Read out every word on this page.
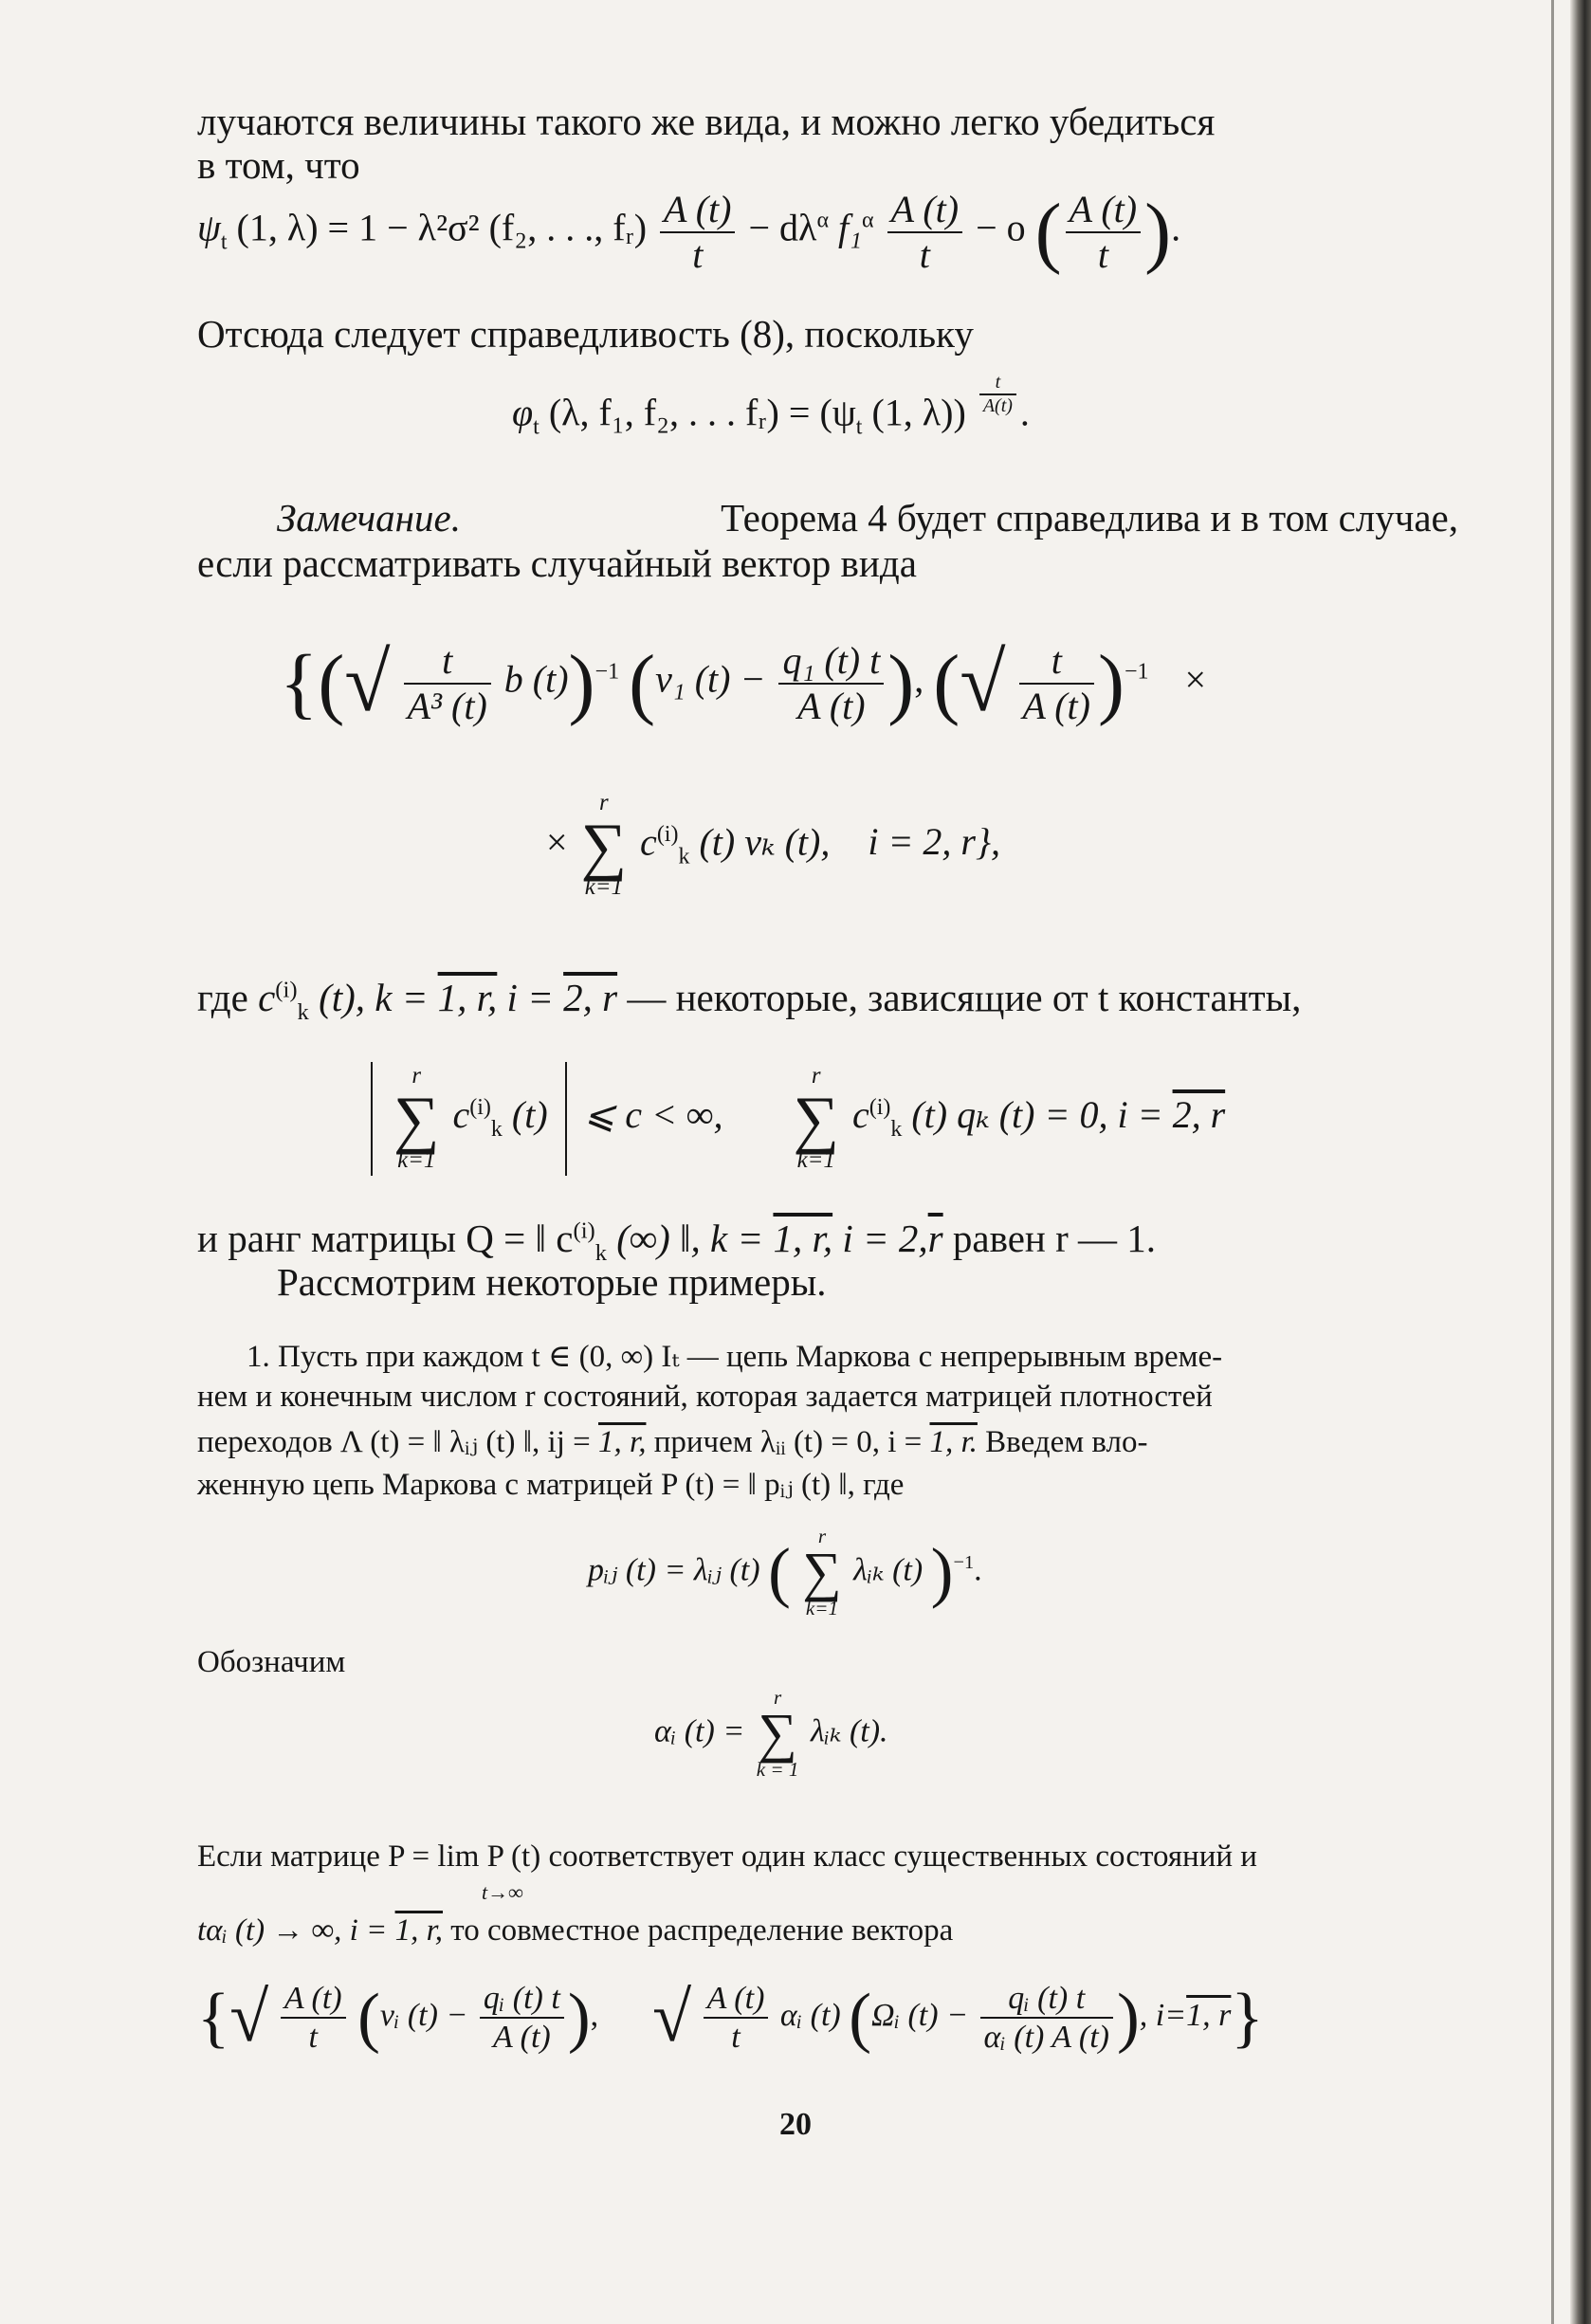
лучаются величины такого же вида, и можно легко убедиться
в том, что
$\psi_t$ (1, λ) = 1 − λ²σ² (f₂, . . ., fᵣ) $\frac{A (t)}{t} - d\lambda^\alpha$ $f_1^\alpha \frac{A (t)}{t} - o$ ( $\frac{A (t)}{t}$ ).
Отсюда следует справедливость (8), поскольку
$\varphi_t$ (λ, f₁, f₂, . . . fᵣ) = ($\psi_t$ (1, $\lambda)) \frac{t}{A(t)}$ .
Замечание.	Теорема 4 будет справедлива и в том случае,
если рассматривать случайный вектор вида
{(√ $\frac{t}{\text{A³ (t)}}$ b (t))$^{-1}$ (ν₁ $(t) - \frac{\text{q₁ (t) t}}{A (t)}$ ), (√ $\frac{t}{A (t)} )^{-1}$ ×
×
r
∑
k=1
$c^{(i)}_k$ (t) νₖ (t), i = 2, r},
где $c^{(i)}_k$ (t), k = 1, r, i = 2, r — некоторые, зависящие от t константы,

r
∑
k=1
$c^{(i)}_k$ (t) ⩽ c < ∞,
r
∑
k=1
$c^{(i)}_k$ (t) qₖ (t) = 0, i = 2, r
и ранг матрицы Q = ‖ $c^{(i)}_k$ (∞) ‖, k = 1, r, $i = 2,\overline{r}$ равен r — 1.
Рассмотрим некоторые примеры.
1. Пусть при каждом t ∈ (0, ∞) Iₜ — цепь Маркова с непрерывным време-
нем и конечным числом r состояний, которая задается матрицей плотностей
переходов Λ (t) = ‖ λᵢⱼ (t) ‖, ij = 1, r, причем λᵢᵢ (t) = 0, i = 1, r. Введем вло-
женную цепь Маркова с матрицей P (t) = ‖ pᵢⱼ (t) ‖, где
pᵢⱼ (t) = λᵢⱼ (t) (	r
∑
k=1
λᵢₖ (t) )$^{-1}$.
Обозначим
αᵢ (t) =
r
∑
k = 1
λᵢₖ (t).
Если матрице P = lim P (t) соответствует один класс существенных состояний и
t→∞
tαᵢ (t) → ∞, i = 1, r, то совместное распределение вектора
{√ $\frac{A (t)}{t}$ (νᵢ $(t) - \frac{\text{qᵢ (t) t}}{A (t)}$ ),  √ $\frac{A (t)}{t}$ αᵢ (t) (Ωᵢ $(t) - \frac{\text{qᵢ (t) t}}{\text{αᵢ (t) A (t)}}$ ), i=1, r}
20
